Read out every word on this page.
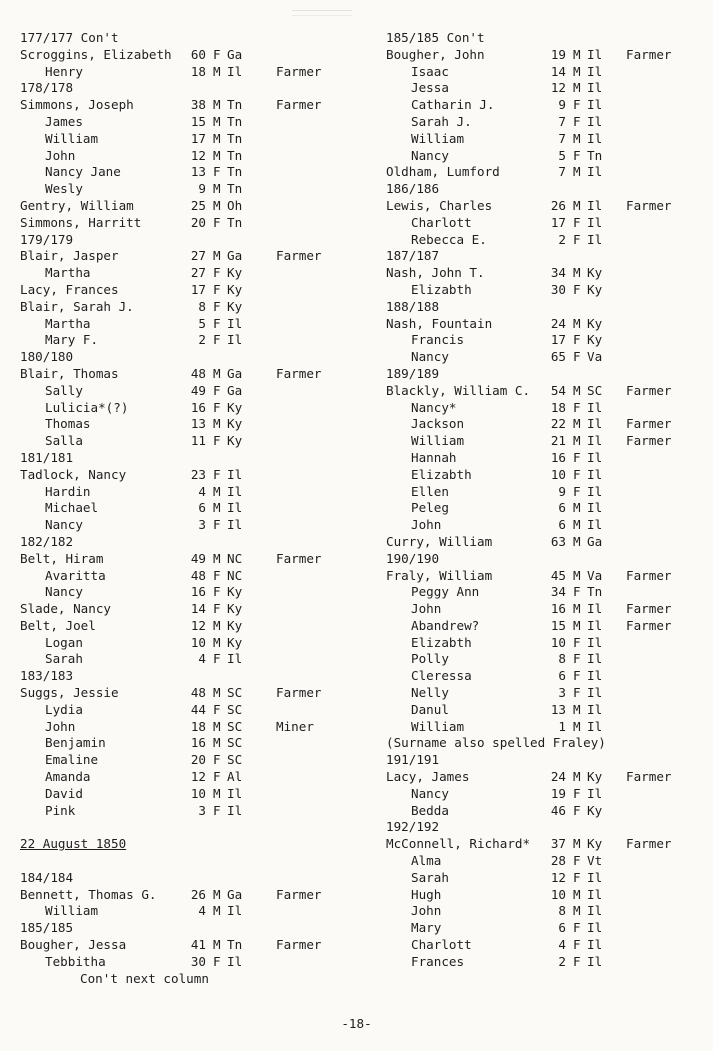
177/177 Con't
Scroggins, Elizabeth	60 F Ga
Henry	18 M Il	Farmer
178/178
Simmons, Joseph	38 M Tn	Farmer
James	15 M Tn
William	17 M Tn
John	12 M Tn
Nancy Jane	13 F Tn
Wesly	9 M Tn
Gentry, William	25 M Oh
Simmons, Harritt	20 F Tn
179/179
Blair, Jasper	27 M Ga	Farmer
Martha	27 F Ky
Lacy, Frances	17 F Ky
Blair, Sarah J.	8 F Ky
Martha	5 F Il
Mary F.	2 F Il
180/180
Blair, Thomas	48 M Ga	Farmer
Sally	49 F Ga
Lulicia*(?)	16 F Ky
Thomas	13 M Ky
Salla	11 F Ky
181/181
Tadlock, Nancy	23 F Il
Hardin	4 M Il
Michael	6 M Il
Nancy	3 F Il
182/182
Belt, Hiram	49 M NC	Farmer
Avaritta	48 F NC
Nancy	16 F Ky
Slade, Nancy	14 F Ky
Belt, Joel	12 M Ky
Logan	10 M Ky
Sarah	4 F Il
183/183
Suggs, Jessie	48 M SC	Farmer
Lydia	44 F SC
John	18 M SC	Miner
Benjamin	16 M SC
Emaline	20 F SC
Amanda	12 F Al
David	10 M Il
Pink	3 F Il
22 August 1850
184/184
Bennett, Thomas G.	26 M Ga	Farmer
William	4 M Il
185/185
Bougher, Jessa	41 M Tn	Farmer
Tebbitha	30 F Il
Con't next column
185/185 Con't
Bougher, John	19 M Il Farmer
Isaac	14 M Il
Jessa	12 M Il
Catharin J.	9 F Il
Sarah J.	7 F Il
William	7 M Il
Nancy	5 F Tn
Oldham, Lumford	7 M Il
186/186
Lewis, Charles	26 M Il Farmer
Charlott	17 F Il
Rebecca E.	2 F Il
187/187
Nash, John T.	34 M Ky
Elizabth	30 F Ky
188/188
Nash, Fountain	24 M Ky
Francis	17 F Ky
Nancy	65 F Va
189/189
Blackly, William C.	54 M SC Farmer
Nancy*	18 F Il
Jackson	22 M Il Farmer
William	21 M Il Farmer
Hannah	16 F Il
Elizabth	10 F Il
Ellen	9 F Il
Peleg	6 M Il
John	6 M Il
Curry, William	63 M Ga
190/190
Fraly, William	45 M Va Farmer
Peggy Ann	34 F Tn
John	16 M Il Farmer
Abandrew?	15 M Il Farmer
Elizabth	10 F Il
Polly	8 F Il
Cleressa	6 F Il
Nelly	3 F Il
Danul	13 M Il
William	1 M Il
(Surname also spelled Fraley)
191/191
Lacy, James	24 M Ky Farmer
Nancy	19 F Il
Bedda	46 F Ky
192/192
McConnell, Richard*	37 M Ky Farmer
Alma	28 F Vt
Sarah	12 F Il
Hugh	10 M Il
John	8 M Il
Mary	6 F Il
Charlott	4 F Il
Frances	2 F Il
-18-
